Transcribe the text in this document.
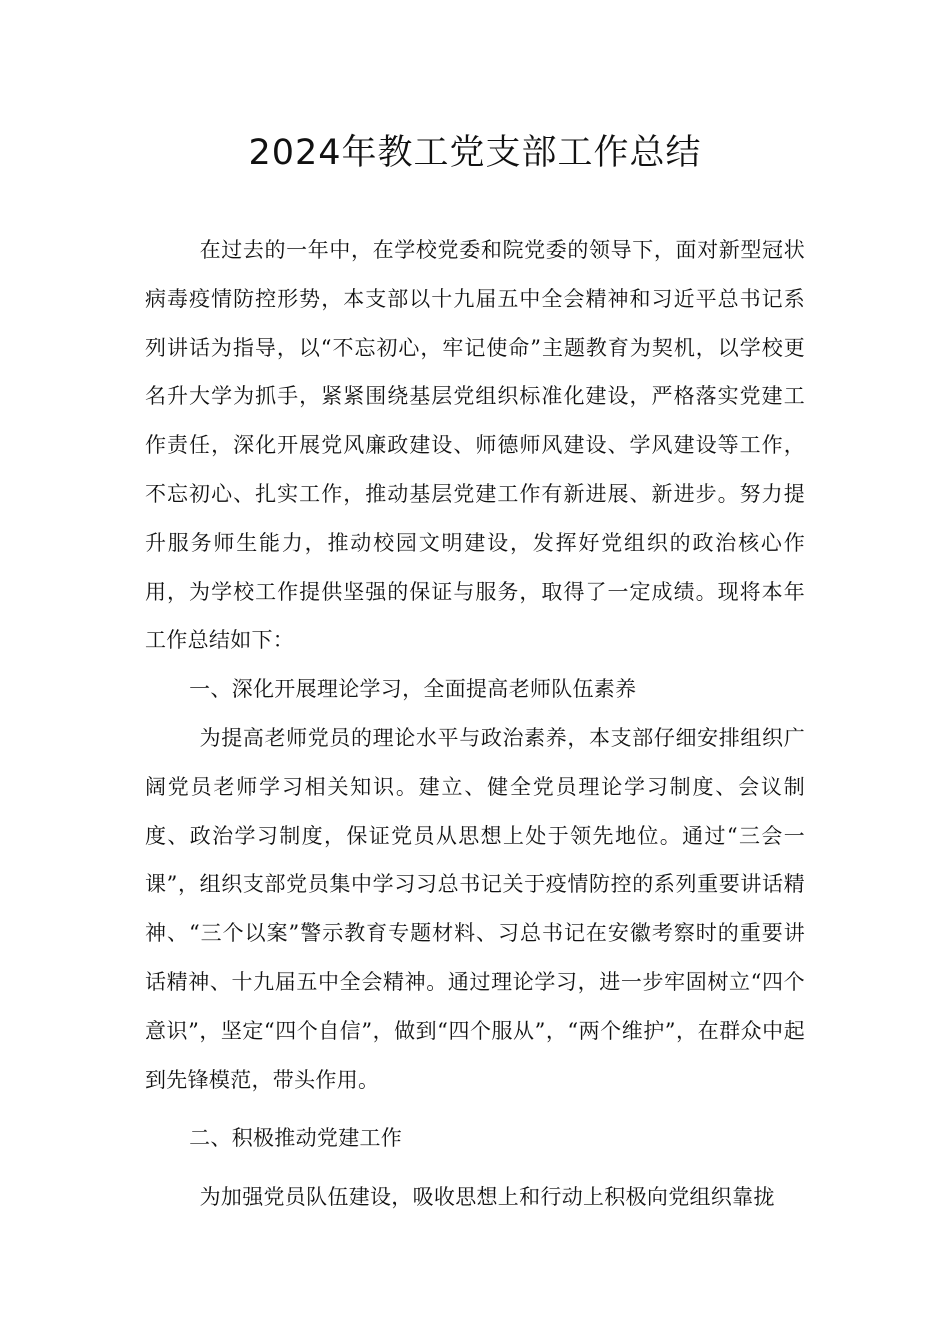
2024年教工党支部工作总结

在过去的一年中，在学校党委和院党委的领导下，面对新型冠状病毒疫情防控形势，本支部以十九届五中全会精神和习近平总书记系列讲话为指导，以“不忘初心，牢记使命”主题教育为契机，以学校更名升大学为抓手，紧紧围绕基层党组织标准化建设，严格落实党建工作责任，深化开展党风廉政建设、师德师风建设、学风建设等工作，不忘初心、扎实工作，推动基层党建工作有新进展、新进步。努力提升服务师生能力，推动校园文明建设，发挥好党组织的政治核心作用，为学校工作提供坚强的保证与服务，取得了一定成绩。现将本年工作总结如下：

一、深化开展理论学习，全面提高老师队伍素养

为提高老师党员的理论水平与政治素养，本支部仔细安排组织广阔党员老师学习相关知识。建立、健全党员理论学习制度、会议制度、政治学习制度，保证党员从思想上处于领先地位。通过“三会一课”，组织支部党员集中学习习总书记关于疫情防控的系列重要讲话精神、“三个以案”警示教育专题材料、习总书记在安徽考察时的重要讲话精神、十九届五中全会精神。通过理论学习，进一步牢固树立“四个意识”，坚定“四个自信”，做到“四个服从”，“两个维护”，在群众中起到先锋模范，带头作用。

二、积极推动党建工作

为加强党员队伍建设，吸收思想上和行动上积极向党组织靠拢
